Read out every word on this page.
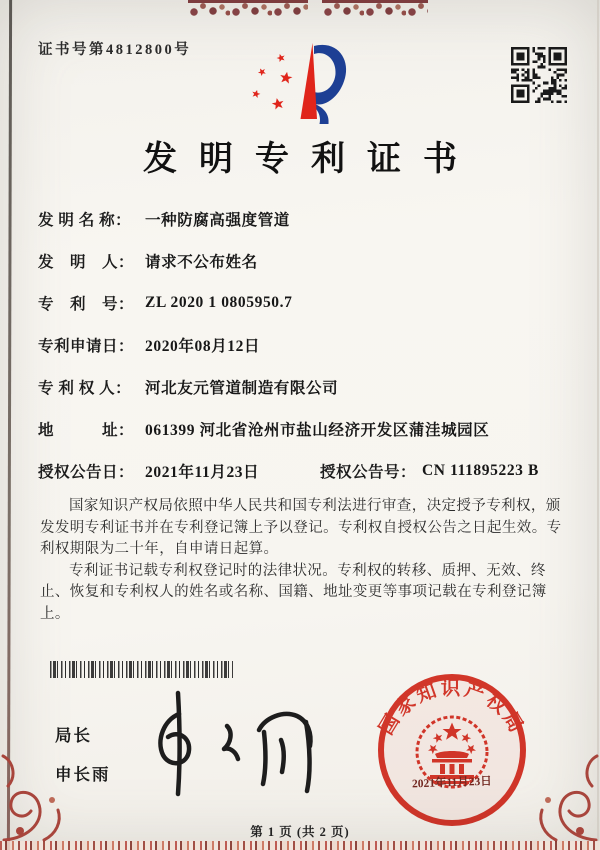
证书号第4812800号
发明专利证书
发 明 名 称： 一种防腐高强度管道
发　明　人： 请求不公布姓名
专　利　号： ZL 2020 1 0805950.7
专利申请日： 2020年08月12日
专 利 权 人： 河北友元管道制造有限公司
地　　　址： 061399 河北省沧州市盐山经济开发区蒲洼城园区
授权公告日： 2021年11月23日	授权公告号： CN 111895223 B

国家知识产权局依照中华人民共和国专利法进行审查，决定授予专利权，颁发发明专利证书并在专利登记簿上予以登记。专利权自授权公告之日起生效。专利权期限为二十年，自申请日起算。

专利证书记载专利权登记时的法律状况。专利权的转移、质押、无效、终止、恢复和专利权人的姓名或名称、国籍、地址变更等事项记载在专利登记簿上。

局长
申长雨
国家知识产权局
2021年11月23日
第 1 页 (共 2 页)
